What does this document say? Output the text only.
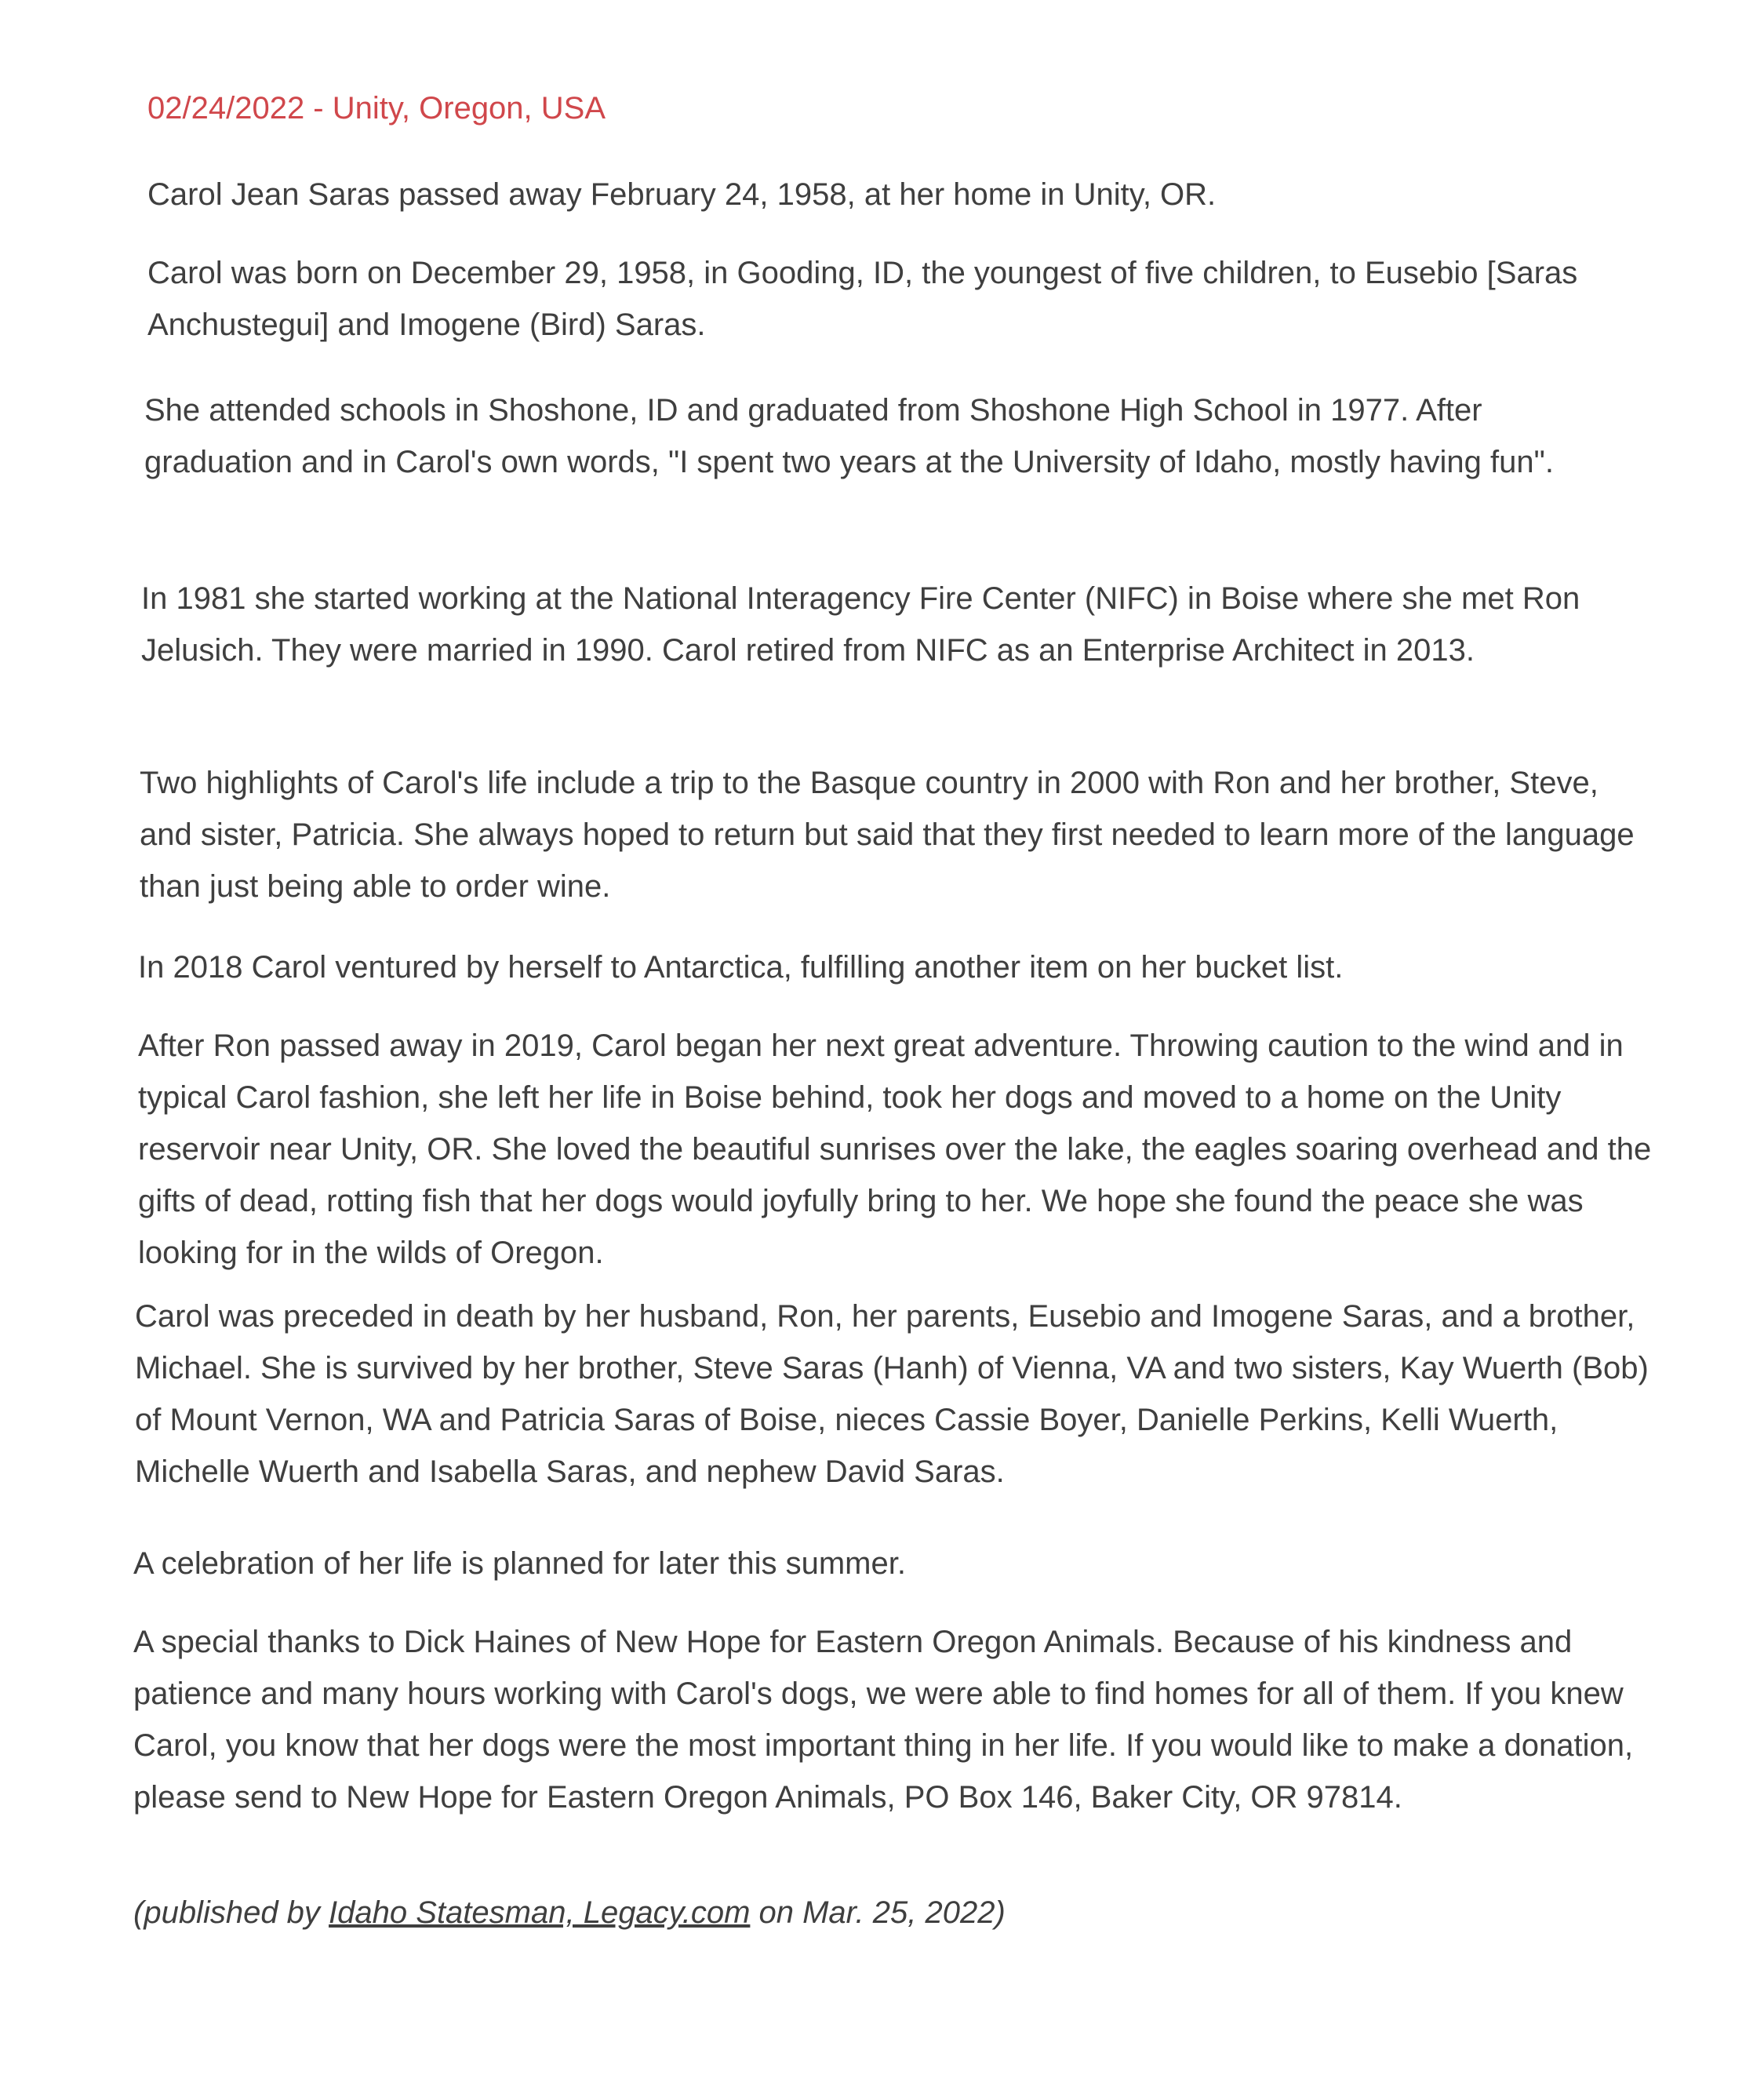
02/24/2022 - Unity, Oregon, USA

Carol Jean Saras passed away February 24, 1958, at her home in Unity, OR.

Carol was born on December 29, 1958, in Gooding, ID, the youngest of five children, to Eusebio [Saras Anchustegui] and Imogene (Bird) Saras.

She attended schools in Shoshone, ID and graduated from Shoshone High School in 1977. After graduation and in Carol's own words, "I spent two years at the University of Idaho, mostly having fun".

In 1981 she started working at the National Interagency Fire Center (NIFC) in Boise where she met Ron Jelusich. They were married in 1990. Carol retired from NIFC as an Enterprise Architect in 2013.

Two highlights of Carol's life include a trip to the Basque country in 2000 with Ron and her brother, Steve, and sister, Patricia. She always hoped to return but said that they first needed to learn more of the language than just being able to order wine.

In 2018 Carol ventured by herself to Antarctica, fulfilling another item on her bucket list.

After Ron passed away in 2019, Carol began her next great adventure. Throwing caution to the wind and in typical Carol fashion, she left her life in Boise behind, took her dogs and moved to a home on the Unity reservoir near Unity, OR. She loved the beautiful sunrises over the lake, the eagles soaring overhead and the gifts of dead, rotting fish that her dogs would joyfully bring to her. We hope she found the peace she was looking for in the wilds of Oregon.

Carol was preceded in death by her husband, Ron, her parents, Eusebio and Imogene Saras, and a brother, Michael. She is survived by her brother, Steve Saras (Hanh) of Vienna, VA and two sisters, Kay Wuerth (Bob) of Mount Vernon, WA and Patricia Saras of Boise, nieces Cassie Boyer, Danielle Perkins, Kelli Wuerth, Michelle Wuerth and Isabella Saras, and nephew David Saras.

A celebration of her life is planned for later this summer.

A special thanks to Dick Haines of New Hope for Eastern Oregon Animals. Because of his kindness and patience and many hours working with Carol's dogs, we were able to find homes for all of them. If you knew Carol, you know that her dogs were the most important thing in her life. If you would like to make a donation, please send to New Hope for Eastern Oregon Animals, PO Box 146, Baker City, OR 97814.

(published by Idaho Statesman, Legacy.com on Mar. 25, 2022)
